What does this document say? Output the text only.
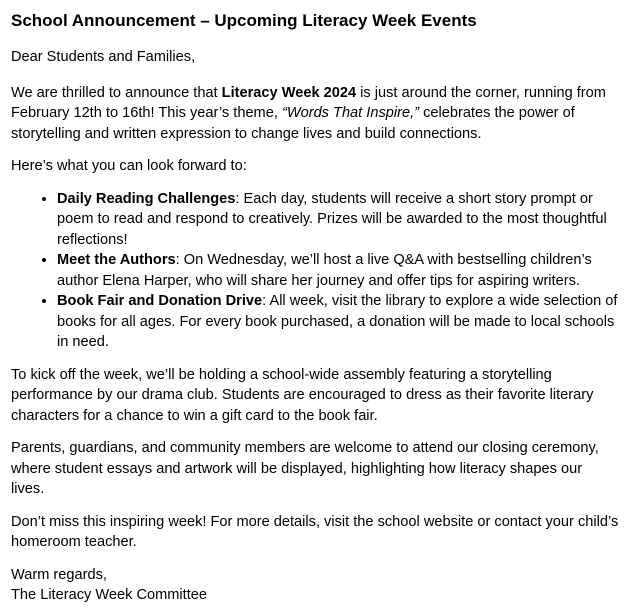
School Announcement – Upcoming Literacy Week Events

Dear Students and Families,

We are thrilled to announce that Literacy Week 2024 is just around the corner, running from February 12th to 16th! This year’s theme, “Words That Inspire,” celebrates the power of storytelling and written expression to change lives and build connections.

Here’s what you can look forward to:

• Daily Reading Challenges: Each day, students will receive a short story prompt or poem to read and respond to creatively. Prizes will be awarded to the most thoughtful reflections!
• Meet the Authors: On Wednesday, we’ll host a live Q&A with bestselling children’s author Elena Harper, who will share her journey and offer tips for aspiring writers.
• Book Fair and Donation Drive: All week, visit the library to explore a wide selection of books for all ages. For every book purchased, a donation will be made to local schools in need.

To kick off the week, we’ll be holding a school-wide assembly featuring a storytelling performance by our drama club. Students are encouraged to dress as their favorite literary characters for a chance to win a gift card to the book fair.

Parents, guardians, and community members are welcome to attend our closing ceremony, where student essays and artwork will be displayed, highlighting how literacy shapes our lives.

Don’t miss this inspiring week! For more details, visit the school website or contact your child’s homeroom teacher.

Warm regards,
The Literacy Week Committee
